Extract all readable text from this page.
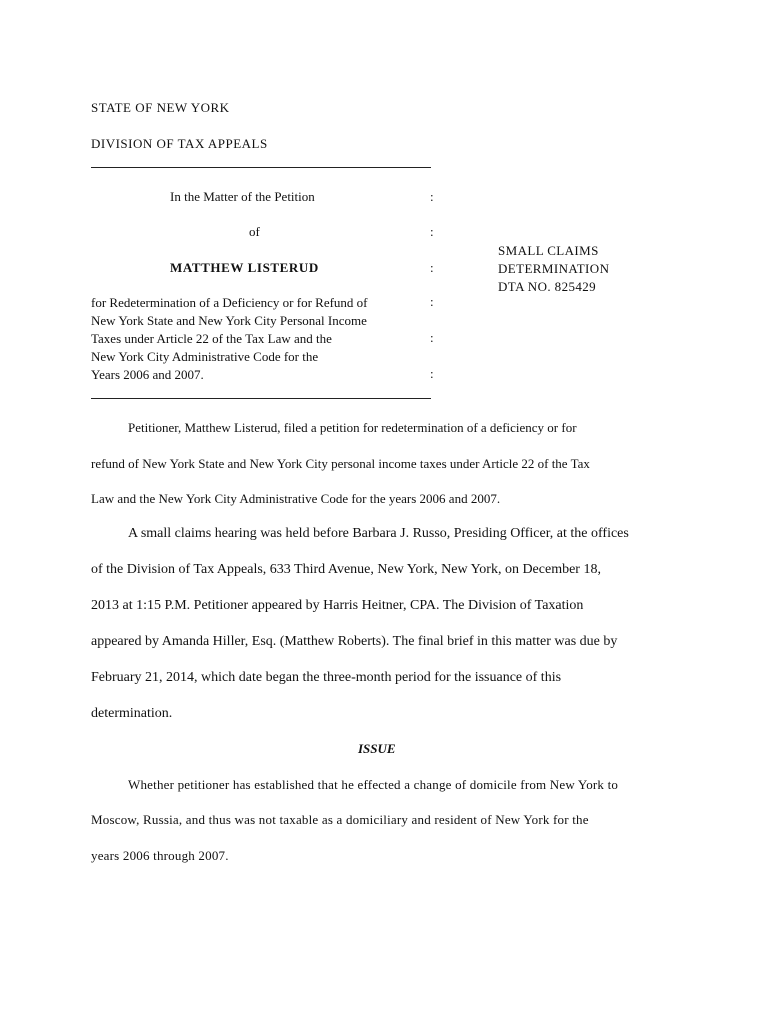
STATE OF NEW YORK
DIVISION OF TAX APPEALS
In the Matter of the Petition	:
of	:
MATTHEW LISTERUD	:
for Redetermination of a Deficiency or for Refund of	:
New York State and New York City Personal Income
Taxes under Article 22 of the Tax Law and the	:
New York City Administrative Code for the
Years 2006 and 2007.	:
SMALL CLAIMS
DETERMINATION
DTA NO. 825429
Petitioner, Matthew Listerud, filed a petition for redetermination of a deficiency or for
refund of New York State and New York City personal income taxes under Article 22 of the Tax
Law and the New York City Administrative Code for the years 2006 and 2007.
A small claims hearing was held before Barbara J. Russo, Presiding Officer, at the offices
of the Division of Tax Appeals, 633 Third Avenue, New York, New York, on December 18,
2013 at 1:15 P.M. Petitioner appeared by Harris Heitner, CPA. The Division of Taxation
appeared by Amanda Hiller, Esq. (Matthew Roberts). The final brief in this matter was due by
February 21, 2014, which date began the three-month period for the issuance of this
determination.
ISSUE
Whether petitioner has established that he effected a change of domicile from New York to
Moscow, Russia, and thus was not taxable as a domiciliary and resident of New York for the
years 2006 through 2007.
